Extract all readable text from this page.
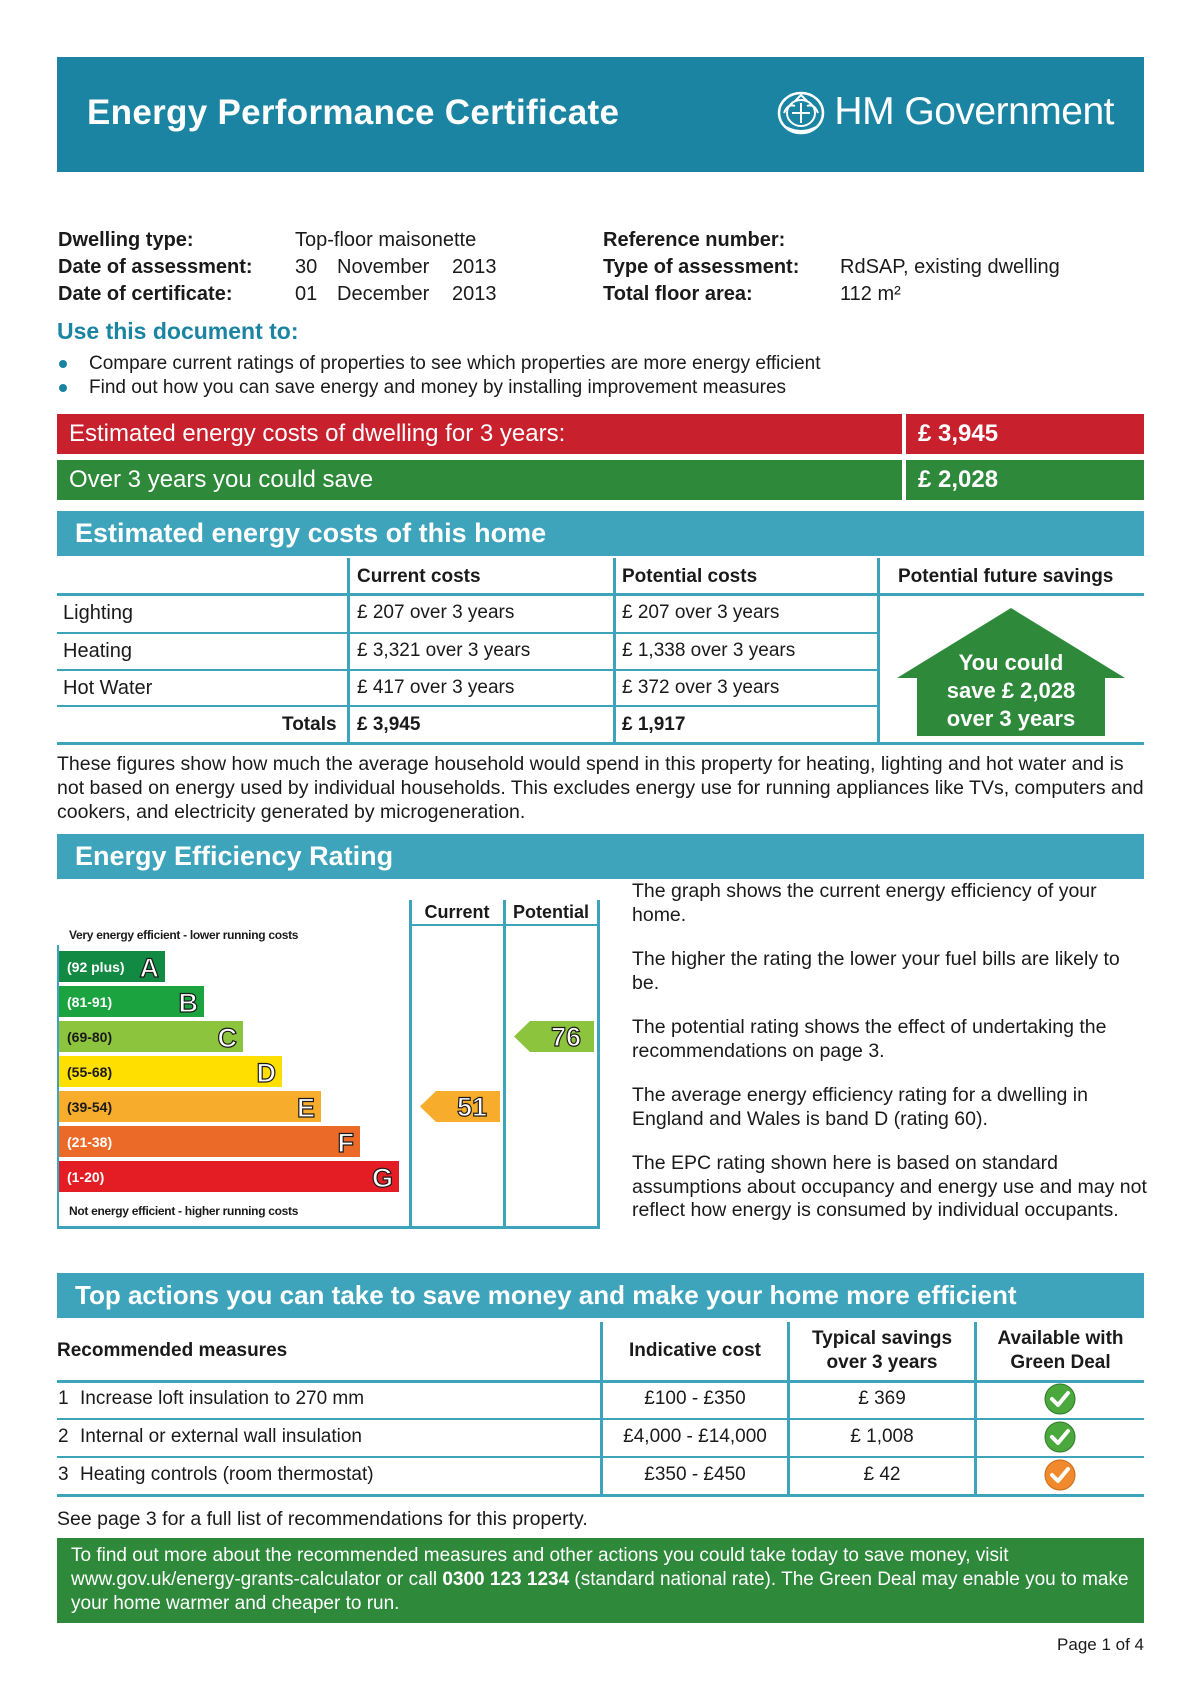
Energy Performance Certificate	HM Government
Dwelling type:	Top-floor maisonette
Date of assessment: 30 November 2013
Date of certificate:	01 December 2013
Reference number:
Type of assessment: RdSAP, existing dwelling
Total floor area:	112 m²
Use this document to:
Compare current ratings of properties to see which properties are more energy efficient
Find out how you can save energy and money by installing improvement measures
Estimated energy costs of dwelling for 3 years:	£ 3,945
Over 3 years you could save	£ 2,028
Estimated energy costs of this home
Current costs	Potential costs	Potential future savings
Lighting	£ 207 over 3 years	£ 207 over 3 years
Heating	£ 3,321 over 3 years	£ 1,338 over 3 years
Hot Water	£ 417 over 3 years	£ 372 over 3 years
Totals £ 3,945	£ 1,917
You could
save £ 2,028
over 3 years
These figures show how much the average household would spend in this property for heating, lighting and hot water and is not based on energy used by individual households. This excludes energy use for running appliances like TVs, computers and cookers, and electricity generated by microgeneration.
Energy Efficiency Rating
(92 plus) A
(81-91) B
(69-80)	C
(55-68)	D
(39-54)	E
(21-38)	F
(1-20)	G
51
76
Current	Potential
Very energy efficient - lower running costs
Not energy efficient - higher running costs
The graph shows the current energy efficiency of your home.
The higher the rating the lower your fuel bills are likely to be.
The potential rating shows the effect of undertaking the recommendations on page 3.
The average energy efficiency rating for a dwelling in England and Wales is band D (rating 60).
The EPC rating shown here is based on standard assumptions about occupancy and energy use and may not reflect how energy is consumed by individual occupants.
Top actions you can take to save money and make your home more efficient
Recommended measures	Indicative cost
Typical savings
over 3 years
Available with
Green Deal
1 Increase loft insulation to 270 mm	£100 - £350	£ 369
2 Internal or external wall insulation	£4,000 - £14,000	£ 1,008
3 Heating controls (room thermostat)	£350 - £450	£ 42
See page 3 for a full list of recommendations for this property.
To find out more about the recommended measures and other actions you could take today to save money, visit www.gov.uk/energy-grants-calculator or call 0300 123 1234 (standard national rate). The Green Deal may enable you to make your home warmer and cheaper to run.
Page 1 of 4
